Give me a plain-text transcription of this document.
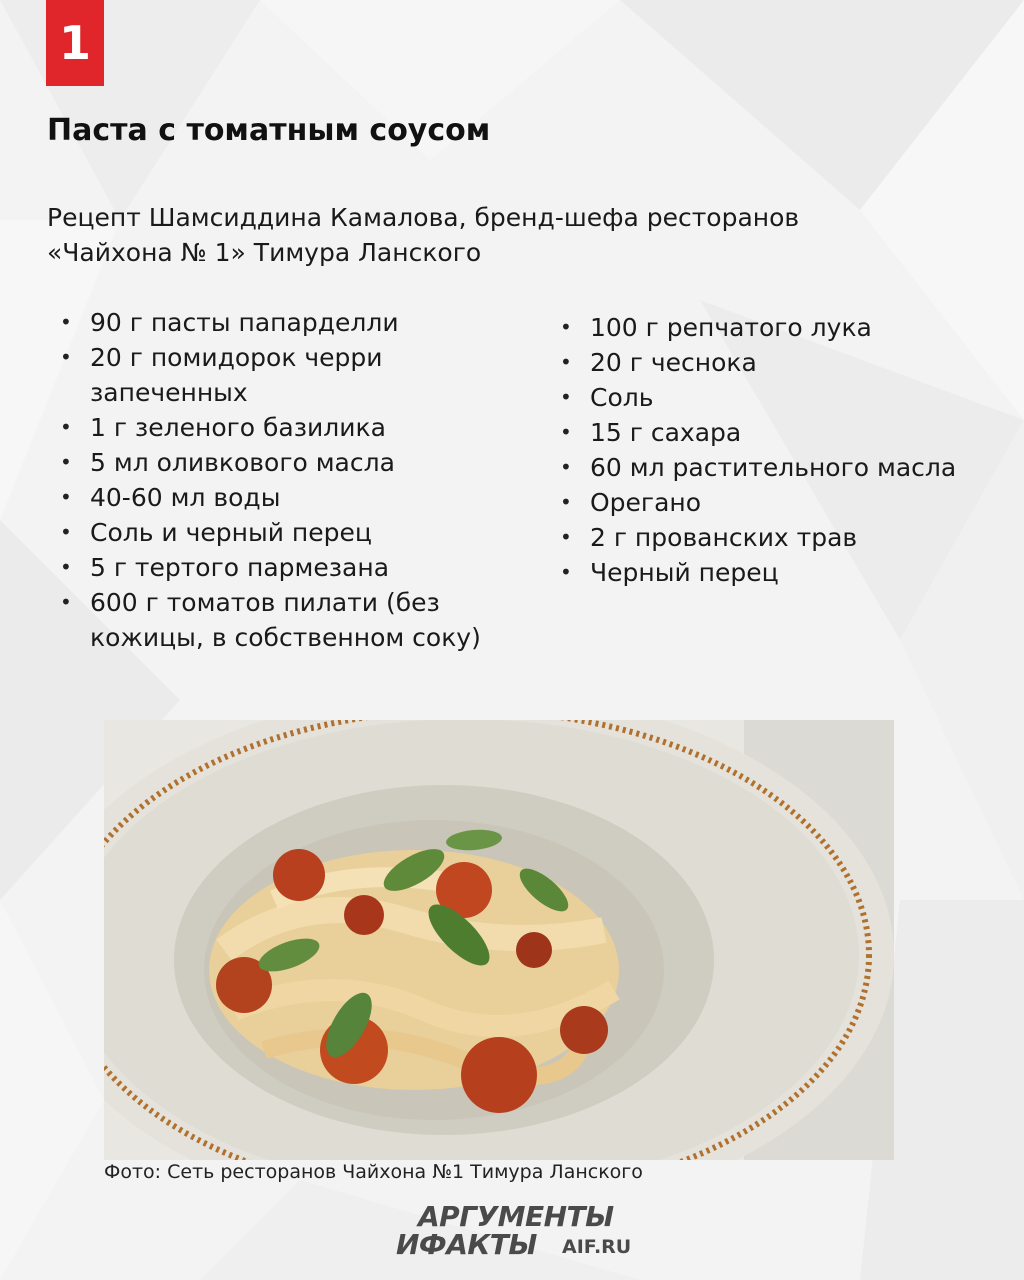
1
Паста с томатным соусом

Рецепт Шамсиддина Камалова, бренд-шефа ресторанов «Чайхона № 1» Тимура Ланского

• 90 г пасты папарделли
• 20 г помидорок черри запеченных
• 1 г зеленого базилика
• 5 мл оливкового масла
• 40-60 мл воды
• Соль и черный перец
• 5 г тертого пармезана
• 600 г томатов пилати (без кожицы, в собственном соку)
• 100 г репчатого лука
• 20 г чеснока
• Соль
• 15 г сахара
• 60 мл растительного масла
• Орегано
• 2 г прованских трав
• Черный перец

Фото: Сеть ресторанов Чайхона №1 Тимура Ланского

АРГУМЕНТЫ
ИФАКТЫ AIF.RU
